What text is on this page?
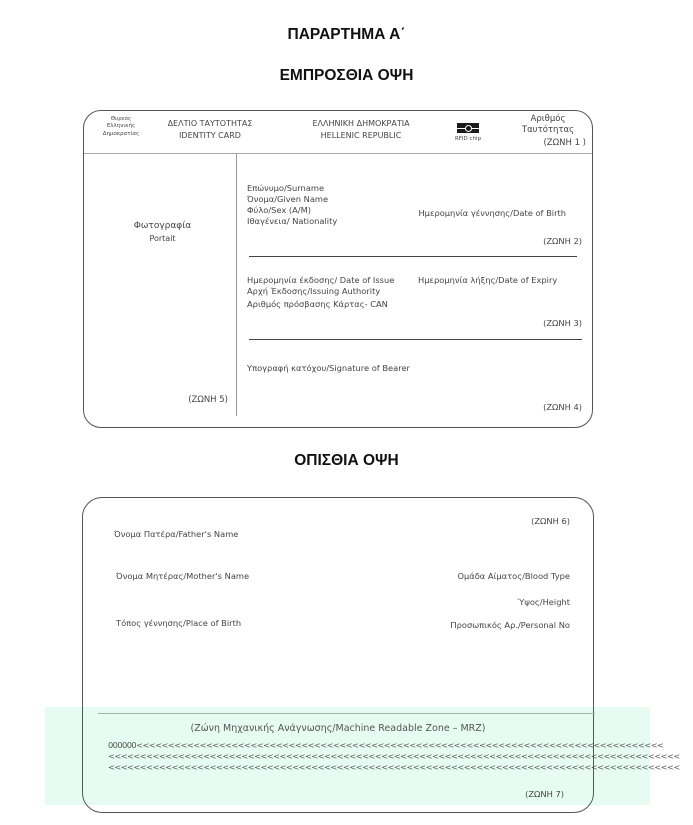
ΠΑΡΑΡΤΗΜΑ Α΄
ΕΜΠΡΟΣΘΙΑ ΟΨΗ
Θυρεός
Ελληνικής
Δημοκρατίας
ΔΕΛΤΙΟ ΤΑΥΤΟΤΗΤΑΣ
IDENTITY CARD
ΕΛΛΗΝΙΚΗ ΔΗΜΟΚΡΑΤΙΑ
HELLENIC REPUBLIC	RFID chip
Αριθμός
Ταυτότητας
(ΖΩΝΗ 1 )
Φωτογραφία
Portait
(ΖΩΝΗ 5)
Επώνυμο/Surname
Όνομα/Given Name
Φύλο/Sex (Α/Μ)
Ιθαγένεια/ Nationality
Ημερομηνία γέννησης/Date of Birth
(ΖΩΝΗ 2)
Ημερομηνία έκδοσης/ Date of Issue
Αρχή Έκδοσης/Issuing Authority
Αριθμός πρόσβασης Κάρτας- CAN
Ημερομηνία λήξης/Date of Expiry
(ΖΩΝΗ 3)
Υπογραφή κατόχου/Signature of Bearer
(ΖΩΝΗ 4)
ΟΠΙΣΘΙΑ ΟΨΗ
(ΖΩΝΗ 6)
Όνομα Πατέρα/Father's Name
Όνομα Μητέρας/Mother's Name	Ομάδα Αίματος/Blood Type
Ύψος/Height
Τόπος γέννησης/Place of Birth	Προσωπικός Αρ./Personal No
(Ζώνη Μηχανικής Ανάγνωσης/Machine Readable Zone – MRZ)
000000<<<<<<<<<<<<<<<<<<<<<<<<<<<<<<<<<<<<<<<<<<<<<<<<<<<<<<<<<<<<<<<<<<<<<<<<<<<<<<<<<<<
<<<<<<<<<<<<<<<<<<<<<<<<<<<<<<<<<<<<<<<<<<<<<<<<<<<<<<<<<<<<<<<<<<<<<<<<<<<<<<<<<<<<<<<<<<
<<<<<<<<<<<<<<<<<<<<<<<<<<<<<<<<<<<<<<<<<<<<<<<<<<<<<<<<<<<<<<<<<<<<<<<<<<<<<<<<<<<<<<<<<<
(ΖΩΝΗ 7)
